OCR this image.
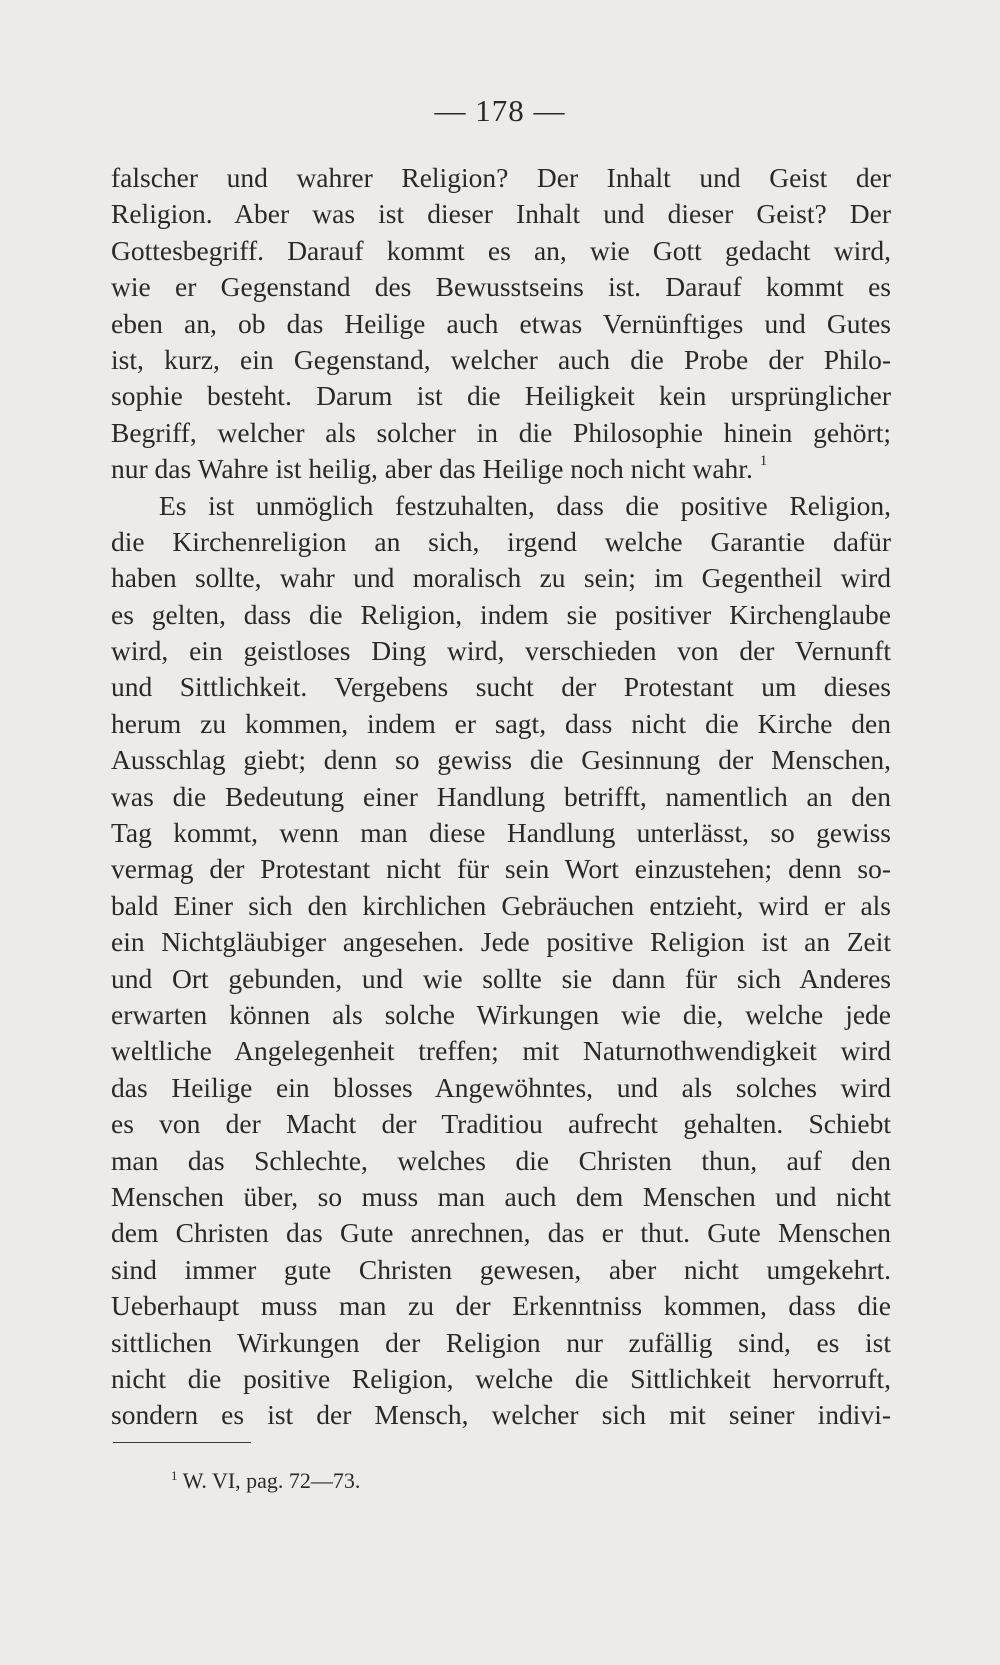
— 178 —
falscher und wahrer Religion? Der Inhalt und Geist der
Religion. Aber was ist dieser Inhalt und dieser Geist? Der
Gottesbegriff. Darauf kommt es an, wie Gott gedacht wird,
wie er Gegenstand des Bewusstseins ist. Darauf kommt es
eben an, ob das Heilige auch etwas Vernünftiges und Gutes
ist, kurz, ein Gegenstand, welcher auch die Probe der Philo-
sophie besteht. Darum ist die Heiligkeit kein ursprünglicher
Begriff, welcher als solcher in die Philosophie hinein gehört;
nur das Wahre ist heilig, aber das Heilige noch nicht wahr. $^1$
Es ist unmöglich festzuhalten, dass die positive Religion,
die Kirchenreligion an sich, irgend welche Garantie dafür
haben sollte, wahr und moralisch zu sein; im Gegentheil wird
es gelten, dass die Religion, indem sie positiver Kirchenglaube
wird, ein geistloses Ding wird, verschieden von der Vernunft
und Sittlichkeit. Vergebens sucht der Protestant um dieses
herum zu kommen, indem er sagt, dass nicht die Kirche den
Ausschlag giebt; denn so gewiss die Gesinnung der Menschen,
was die Bedeutung einer Handlung betrifft, namentlich an den
Tag kommt, wenn man diese Handlung unterlässt, so gewiss
vermag der Protestant nicht für sein Wort einzustehen; denn so-
bald Einer sich den kirchlichen Gebräuchen entzieht, wird er als
ein Nichtgläubiger angesehen. Jede positive Religion ist an Zeit
und Ort gebunden, und wie sollte sie dann für sich Anderes
erwarten können als solche Wirkungen wie die, welche jede
weltliche Angelegenheit treffen; mit Naturnothwendigkeit wird
das Heilige ein blosses Angewöhntes, und als solches wird
es von der Macht der Traditiou aufrecht gehalten. Schiebt
man das Schlechte, welches die Christen thun, auf den
Menschen über, so muss man auch dem Menschen und nicht
dem Christen das Gute anrechnen, das er thut. Gute Menschen
sind immer gute Christen gewesen, aber nicht umgekehrt.
Ueberhaupt muss man zu der Erkenntniss kommen, dass die
sittlichen Wirkungen der Religion nur zufällig sind, es ist
nicht die positive Religion, welche die Sittlichkeit hervorruft,
sondern es ist der Mensch, welcher sich mit seiner indivi-
$^1$ W. VI, pag. 72—73.
